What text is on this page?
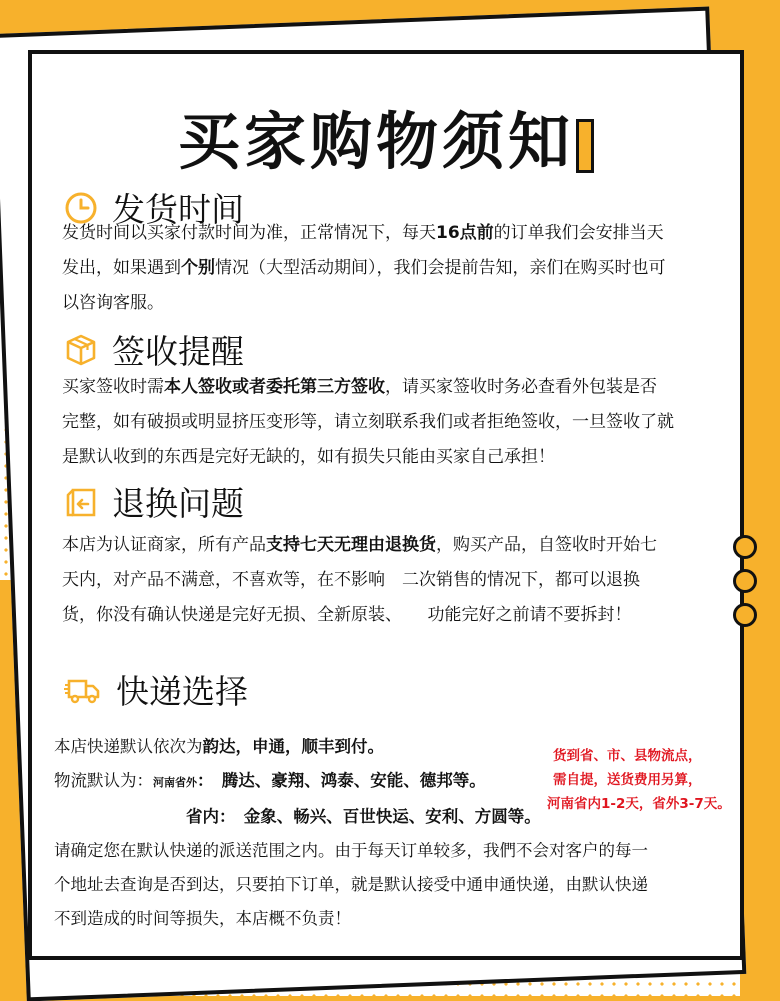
买家购物须知
发货时间
发货时间以买家付款时间为准，正常情况下，每天16点前的订单我们会安排当天
发出，如果遇到个别情况（大型活动期间），我们会提前告知，亲们在购买时也可
以咨询客服。
签收提醒
买家签收时需本人签收或者委托第三方签收，请买家签收时务必查看外包装是否
完整，如有破损或明显挤压变形等，请立刻联系我们或者拒绝签收，一旦签收了就
是默认收到的东西是完好无缺的，如有损失只能由买家自己承担！
退换问题
本店为认证商家，所有产品支持七天无理由退换货，购买产品，自签收时开始七
天内，对产品不满意，不喜欢等，在不影响　二次销售的情况下，都可以退换
货，你没有确认快递是完好无损、全新原装、　　功能完好之前请不要拆封！
快递选择
本店快递默认依次为韵达，申通，顺丰到付。
物流默认为：河南省外：　腾达、豪翔、鸿泰、安能、德邦等。
　　　　　　　　省内：　金象、畅兴、百世快运、安利、方圆等。
请确定您在默认快递的派送范围之内。由于每天订单较多，我們不会对客户的每一
个地址去查询是否到达，只要拍下订单，就是默认接受中通申通快递，由默认快递
不到造成的时间等损失，本店概不负责！
货到省、市、县物流点，
需自提，送货费用另算，
河南省内1-2天，省外3-7天。
